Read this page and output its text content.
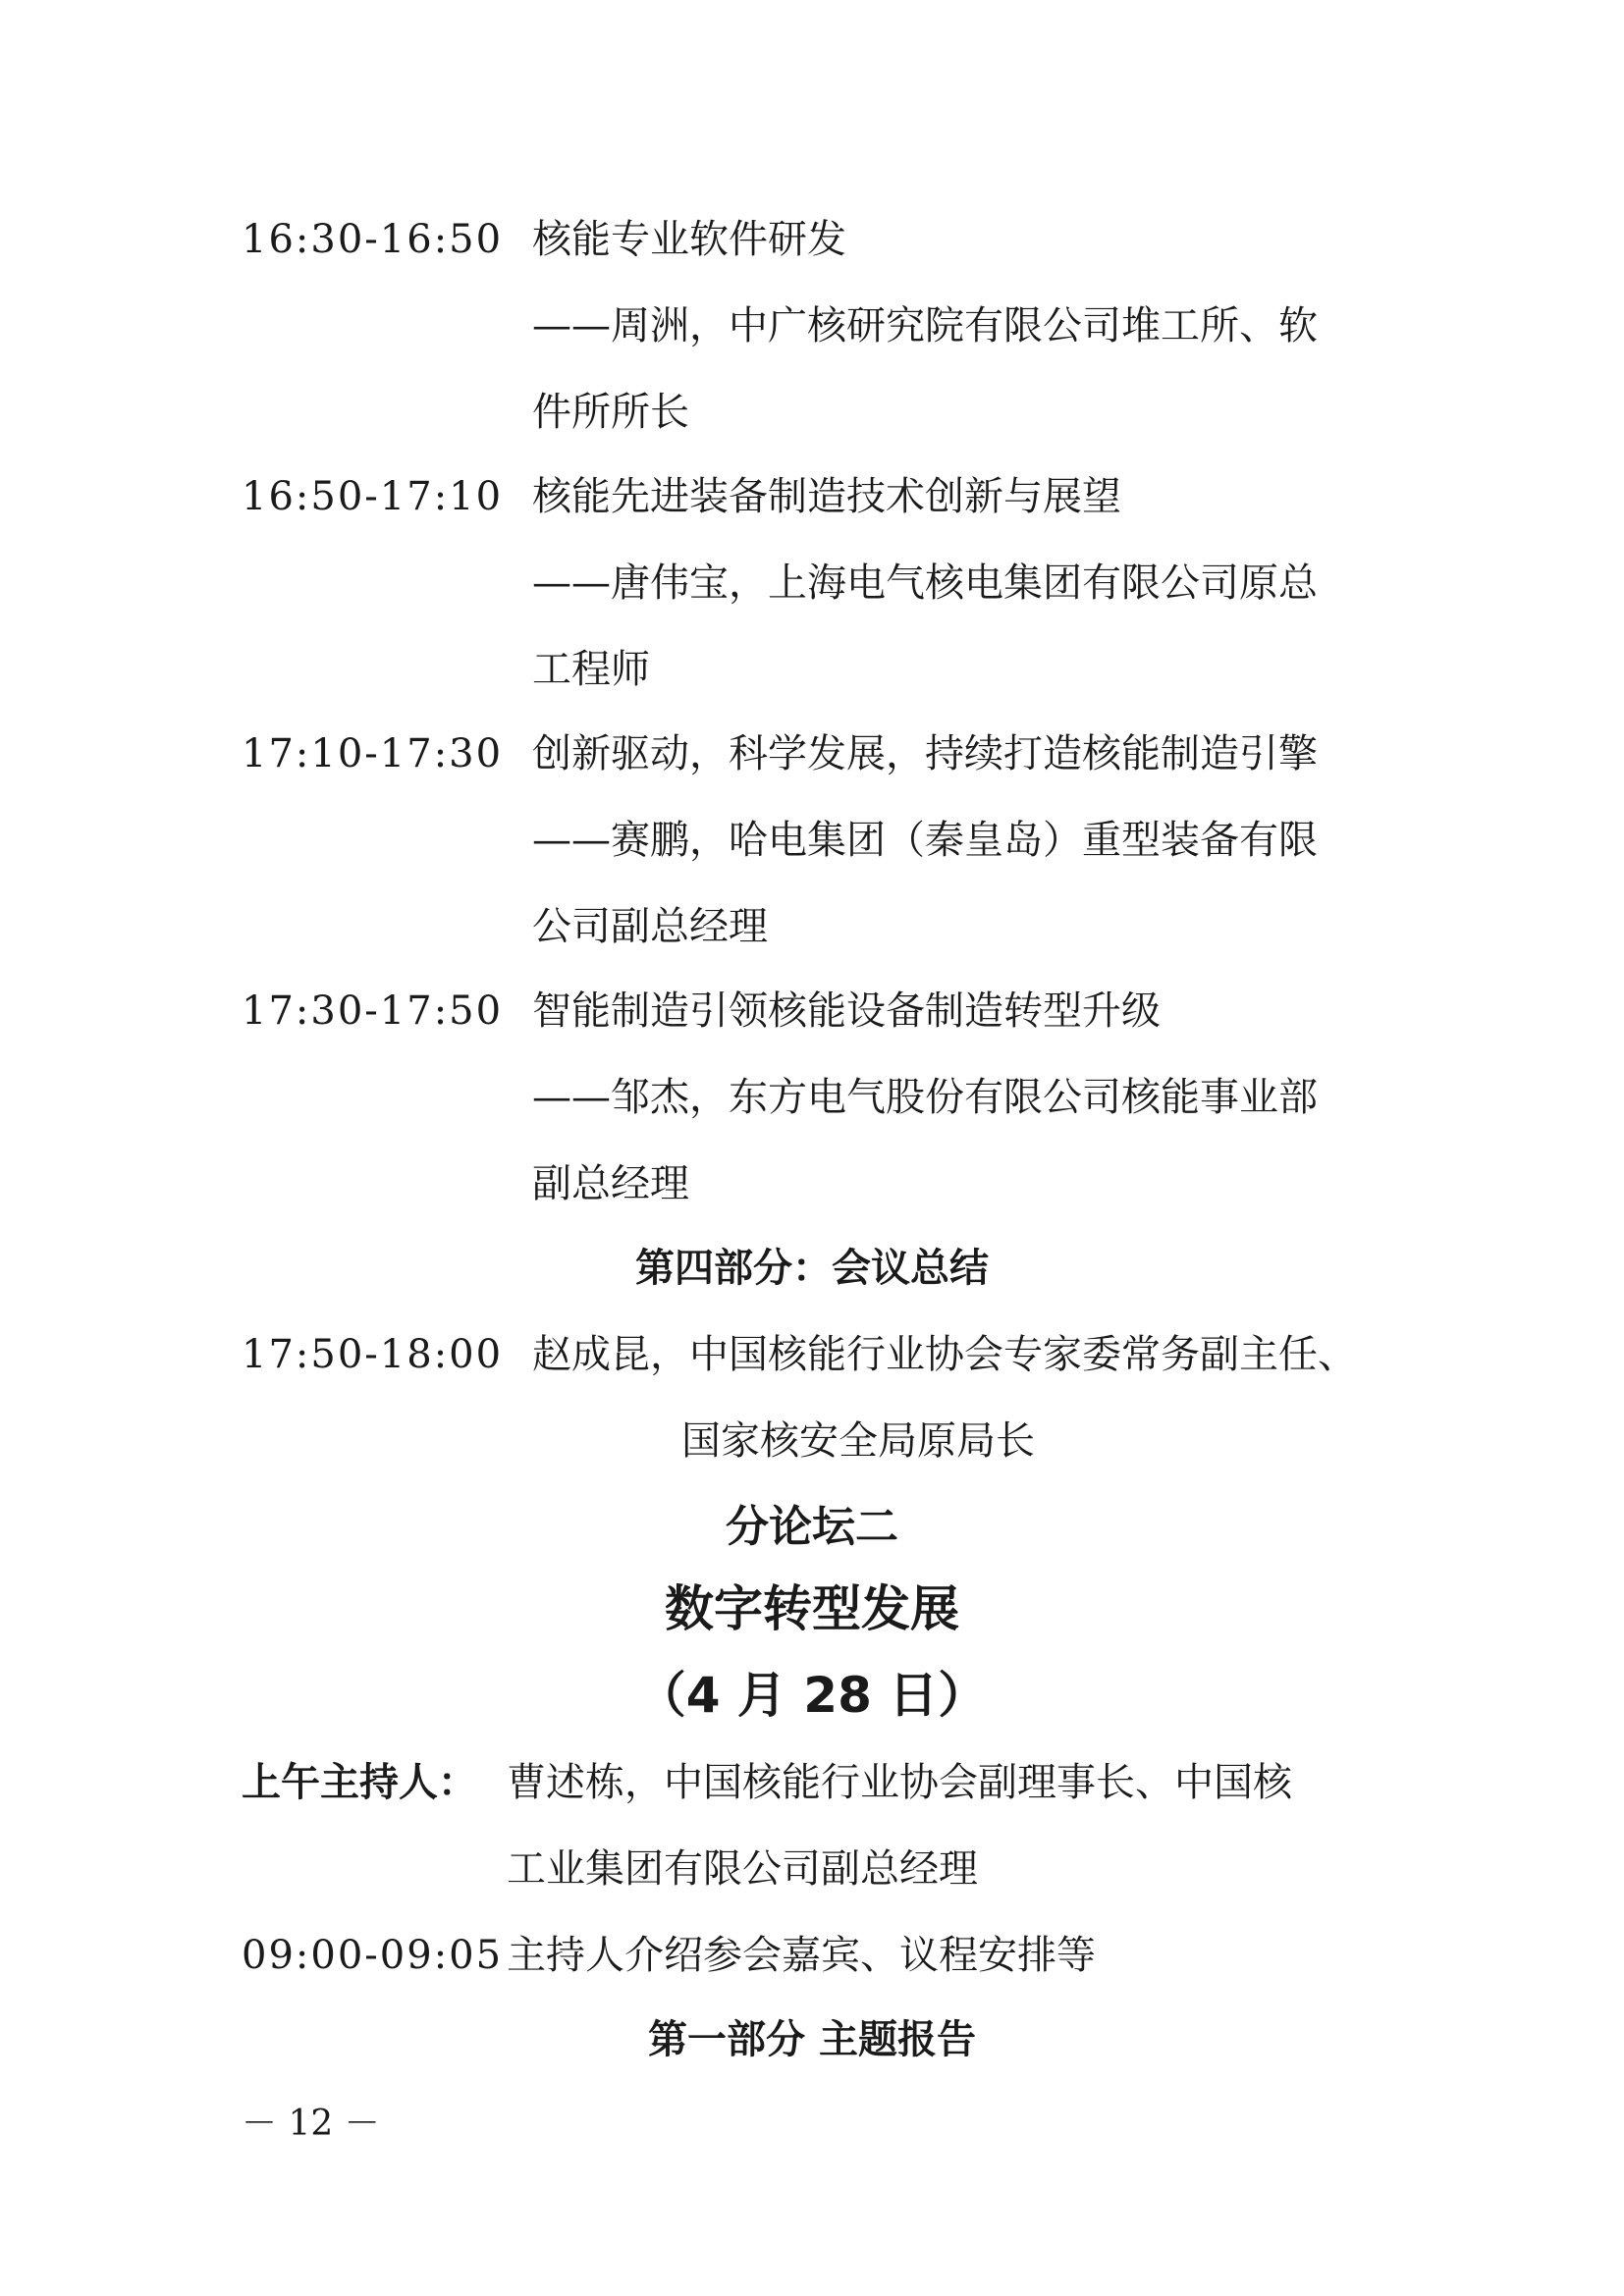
16:30-16:50 核能专业软件研发
——周洲，中广核研究院有限公司堆工所、软
件所所长
16:50-17:10 核能先进装备制造技术创新与展望
——唐伟宝，上海电气核电集团有限公司原总
工程师
17:10-17:30 创新驱动，科学发展，持续打造核能制造引擎
——赛鹏，哈电集团（秦皇岛）重型装备有限
公司副总经理
17:30-17:50 智能制造引领核能设备制造转型升级
——邹杰，东方电气股份有限公司核能事业部
副总经理
第四部分：会议总结
17:50-18:00 赵成昆，中国核能行业协会专家委常务副主任、
国家核安全局原局长
分论坛二
数字转型发展
（4 月 28 日）
上午主持人： 曹述栋，中国核能行业协会副理事长、中国核
工业集团有限公司副总经理
09:00-09:05 主持人介绍参会嘉宾、议程安排等
第一部分 主题报告
－ 12 －
